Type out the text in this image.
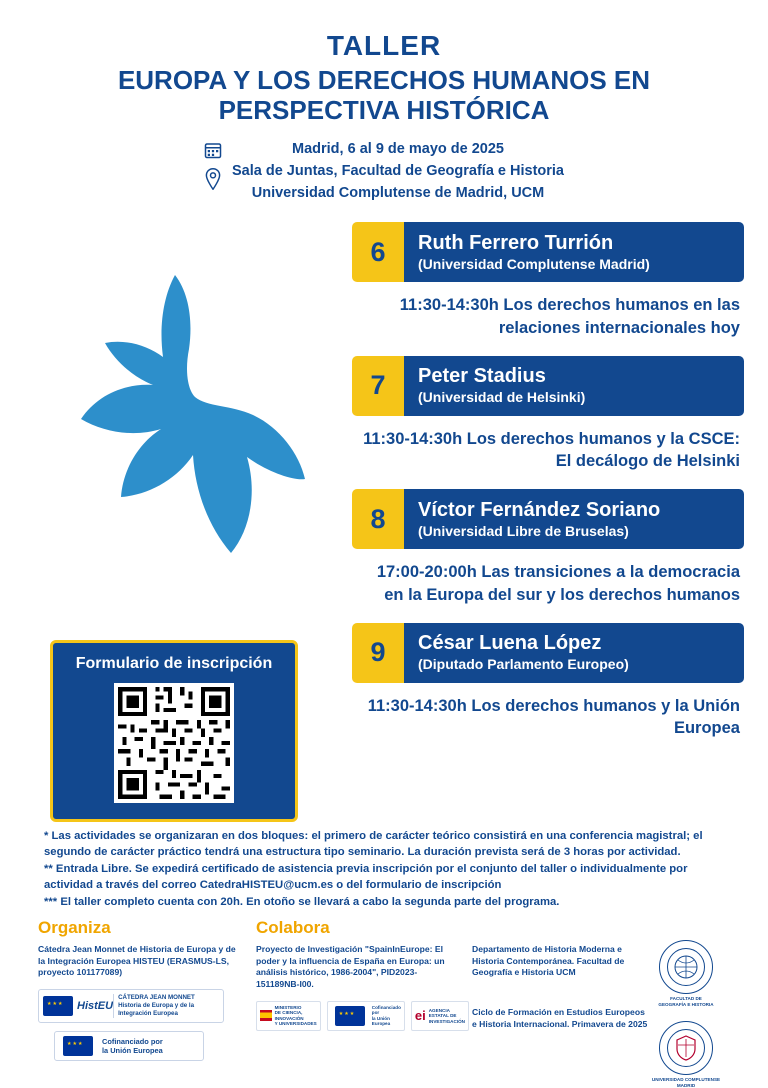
TALLER
EUROPA Y LOS DERECHOS HUMANOS EN
PERSPECTIVA HISTÓRICA
Madrid, 6 al 9 de mayo de 2025
Sala de Juntas, Facultad de Geografía e Historia
Universidad Complutense de Madrid, UCM
Formulario de inscripción
6	Ruth Ferrero Turrión
(Universidad Complutense Madrid)
11:30-14:30h Los derechos humanos en las relaciones internacionales hoy
7	Peter Stadius
(Universidad de Helsinki)
11:30-14:30h Los derechos humanos y la CSCE: El decálogo de Helsinki
8	Víctor Fernández Soriano
(Universidad Libre de Bruselas)
17:00-20:00h Las transiciones a la democracia en la Europa del sur y los derechos humanos
9	César Luena López
(Diputado Parlamento Europeo)
11:30-14:30h Los derechos humanos y la Unión Europea

* Las actividades se organizaran en dos bloques: el primero de carácter teórico consistirá en una conferencia magistral; el segundo de carácter práctico tendrá una estructura tipo seminario. La duración prevista será de 3 horas por actividad.

** Entrada Libre. Se expedirá certificado de asistencia previa inscripción por el conjunto del taller o individualmente por actividad a través del correo CatedraHISTEU@ucm.es o del formulario de inscripción

*** El taller completo cuenta con 20h. En otoño se llevará a cabo la segunda parte del programa.

Organiza	Colabora
Cátedra Jean Monnet de Historia de Europa y de la Integración Europea HISTEU (ERASMUS-LS, proyecto 101177089)
★★★
HistEU
CÁTEDRA JEAN MONNET
Historia de Europa y de la Integración Europea
★★★
Cofinanciado por
la Unión Europea
Proyecto de Investigación "SpainInEurope: El poder y la influencia de España en Europa: un análisis histórico, 1986-2004", PID2023-151189NB-I00.
MINISTERIO
DE CIENCIA, INNOVACIÓN
Y UNIVERSIDADES
★★★
Cofinanciado por
la Unión Europea
ei AGENCIA
ESTATAL DE
INVESTIGACIÓN
Departamento de Historia Moderna e Historia Contemporánea. Facultad de Geografía e Historia UCM
Ciclo de Formación en Estudios Europeos e Historia Internacional. Primavera de 2025
FACULTAD DE
GEOGRAFÍA E HISTORIA
UNIVERSIDAD COMPLUTENSE
MADRID
